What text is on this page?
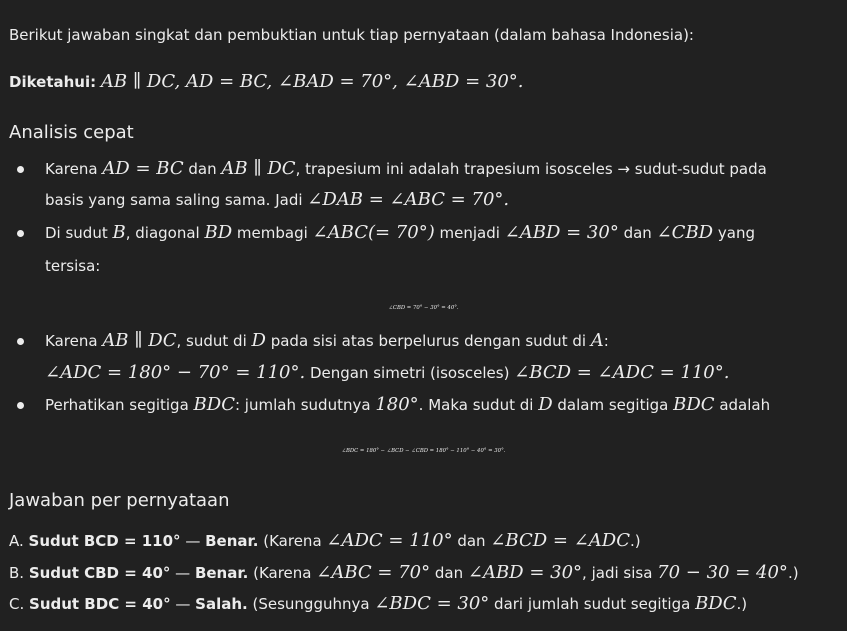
Berikut jawaban singkat dan pembuktian untuk tiap pernyataan (dalam bahasa Indonesia):
Diketahui: AB ∥ DC, AD = BC, ∠BAD = 70°, ∠ABD = 30°.
Analisis cepat
Karena AD = BC dan AB ∥ DC, trapesium ini adalah trapesium isosceles → sudut-sudut pada
basis yang sama saling sama. Jadi ∠DAB = ∠ABC = 70°.
Di sudut B, diagonal BD membagi ∠ABC(= 70°) menjadi ∠ABD = 30° dan ∠CBD yang
tersisa:
∠CBD = 70° − 30° = 40°.
Karena AB ∥ DC, sudut di D pada sisi atas berpelurus dengan sudut di A:
∠ADC = 180° − 70° = 110°. Dengan simetri (isosceles) ∠BCD = ∠ADC = 110°.
Perhatikan segitiga BDC: jumlah sudutnya 180°. Maka sudut di D dalam segitiga BDC adalah
∠BDC = 180° − ∠BCD − ∠CBD = 180° − 110° − 40° = 30°.
Jawaban per pernyataan
A. Sudut BCD = 110° — Benar. (Karena ∠ADC = 110° dan ∠BCD = ∠ADC.)
B. Sudut CBD = 40° — Benar. (Karena ∠ABC = 70° dan ∠ABD = 30°, jadi sisa 70 − 30 = 40°.)
C. Sudut BDC = 40° — Salah. (Sesungguhnya ∠BDC = 30° dari jumlah sudut segitiga BDC.)
